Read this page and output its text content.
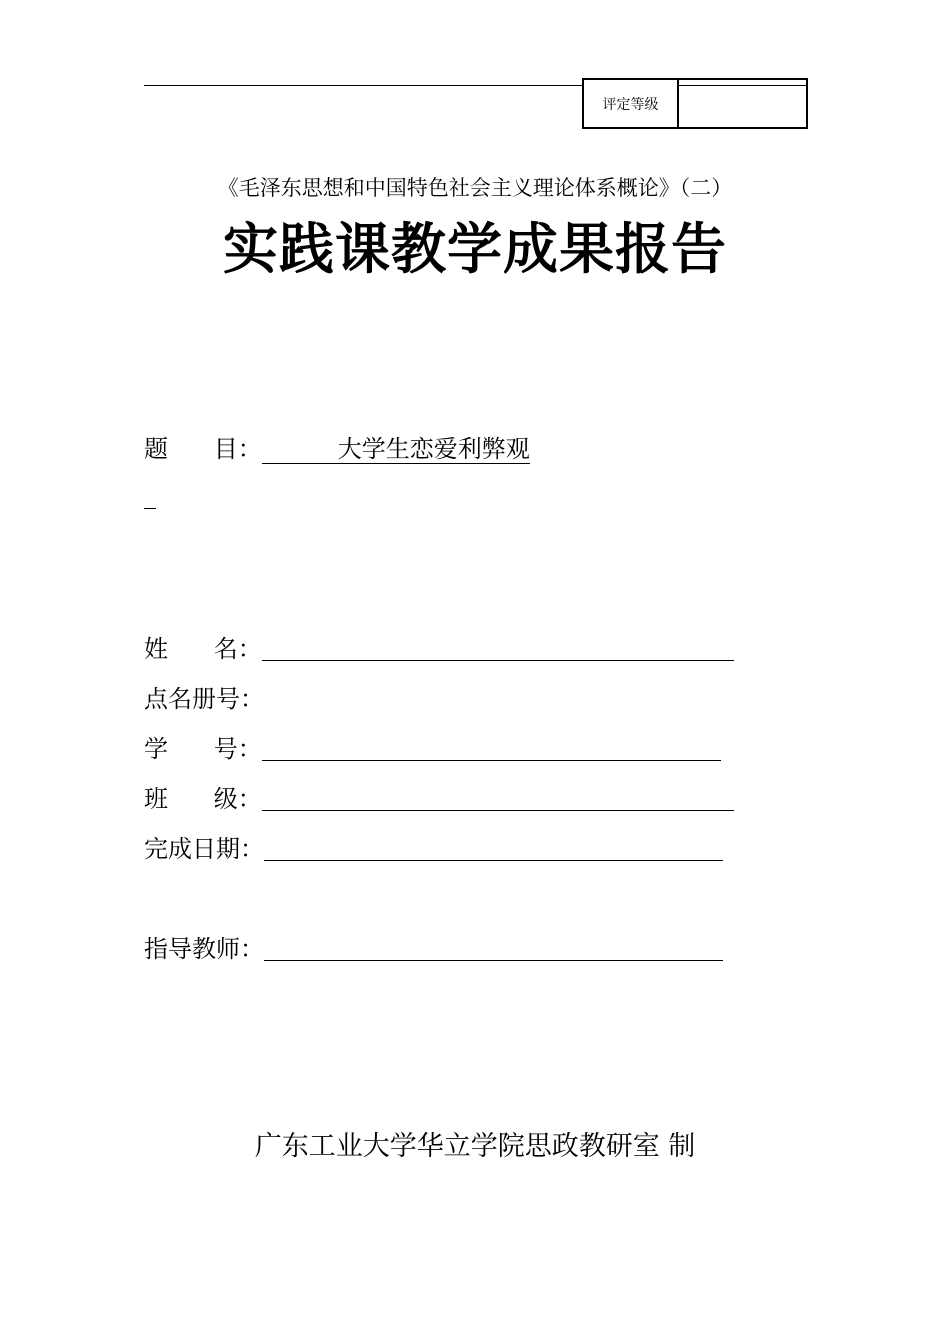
评定等级
《毛泽东思想和中国特色社会主义理论体系概论》（二）
实践课教学成果报告
题      目：	大学生恋爱利弊观
姓      名：
点名册号：
学      号：
班      级：
完成日期：
指导教师：
广东工业大学华立学院思政教研室 制
